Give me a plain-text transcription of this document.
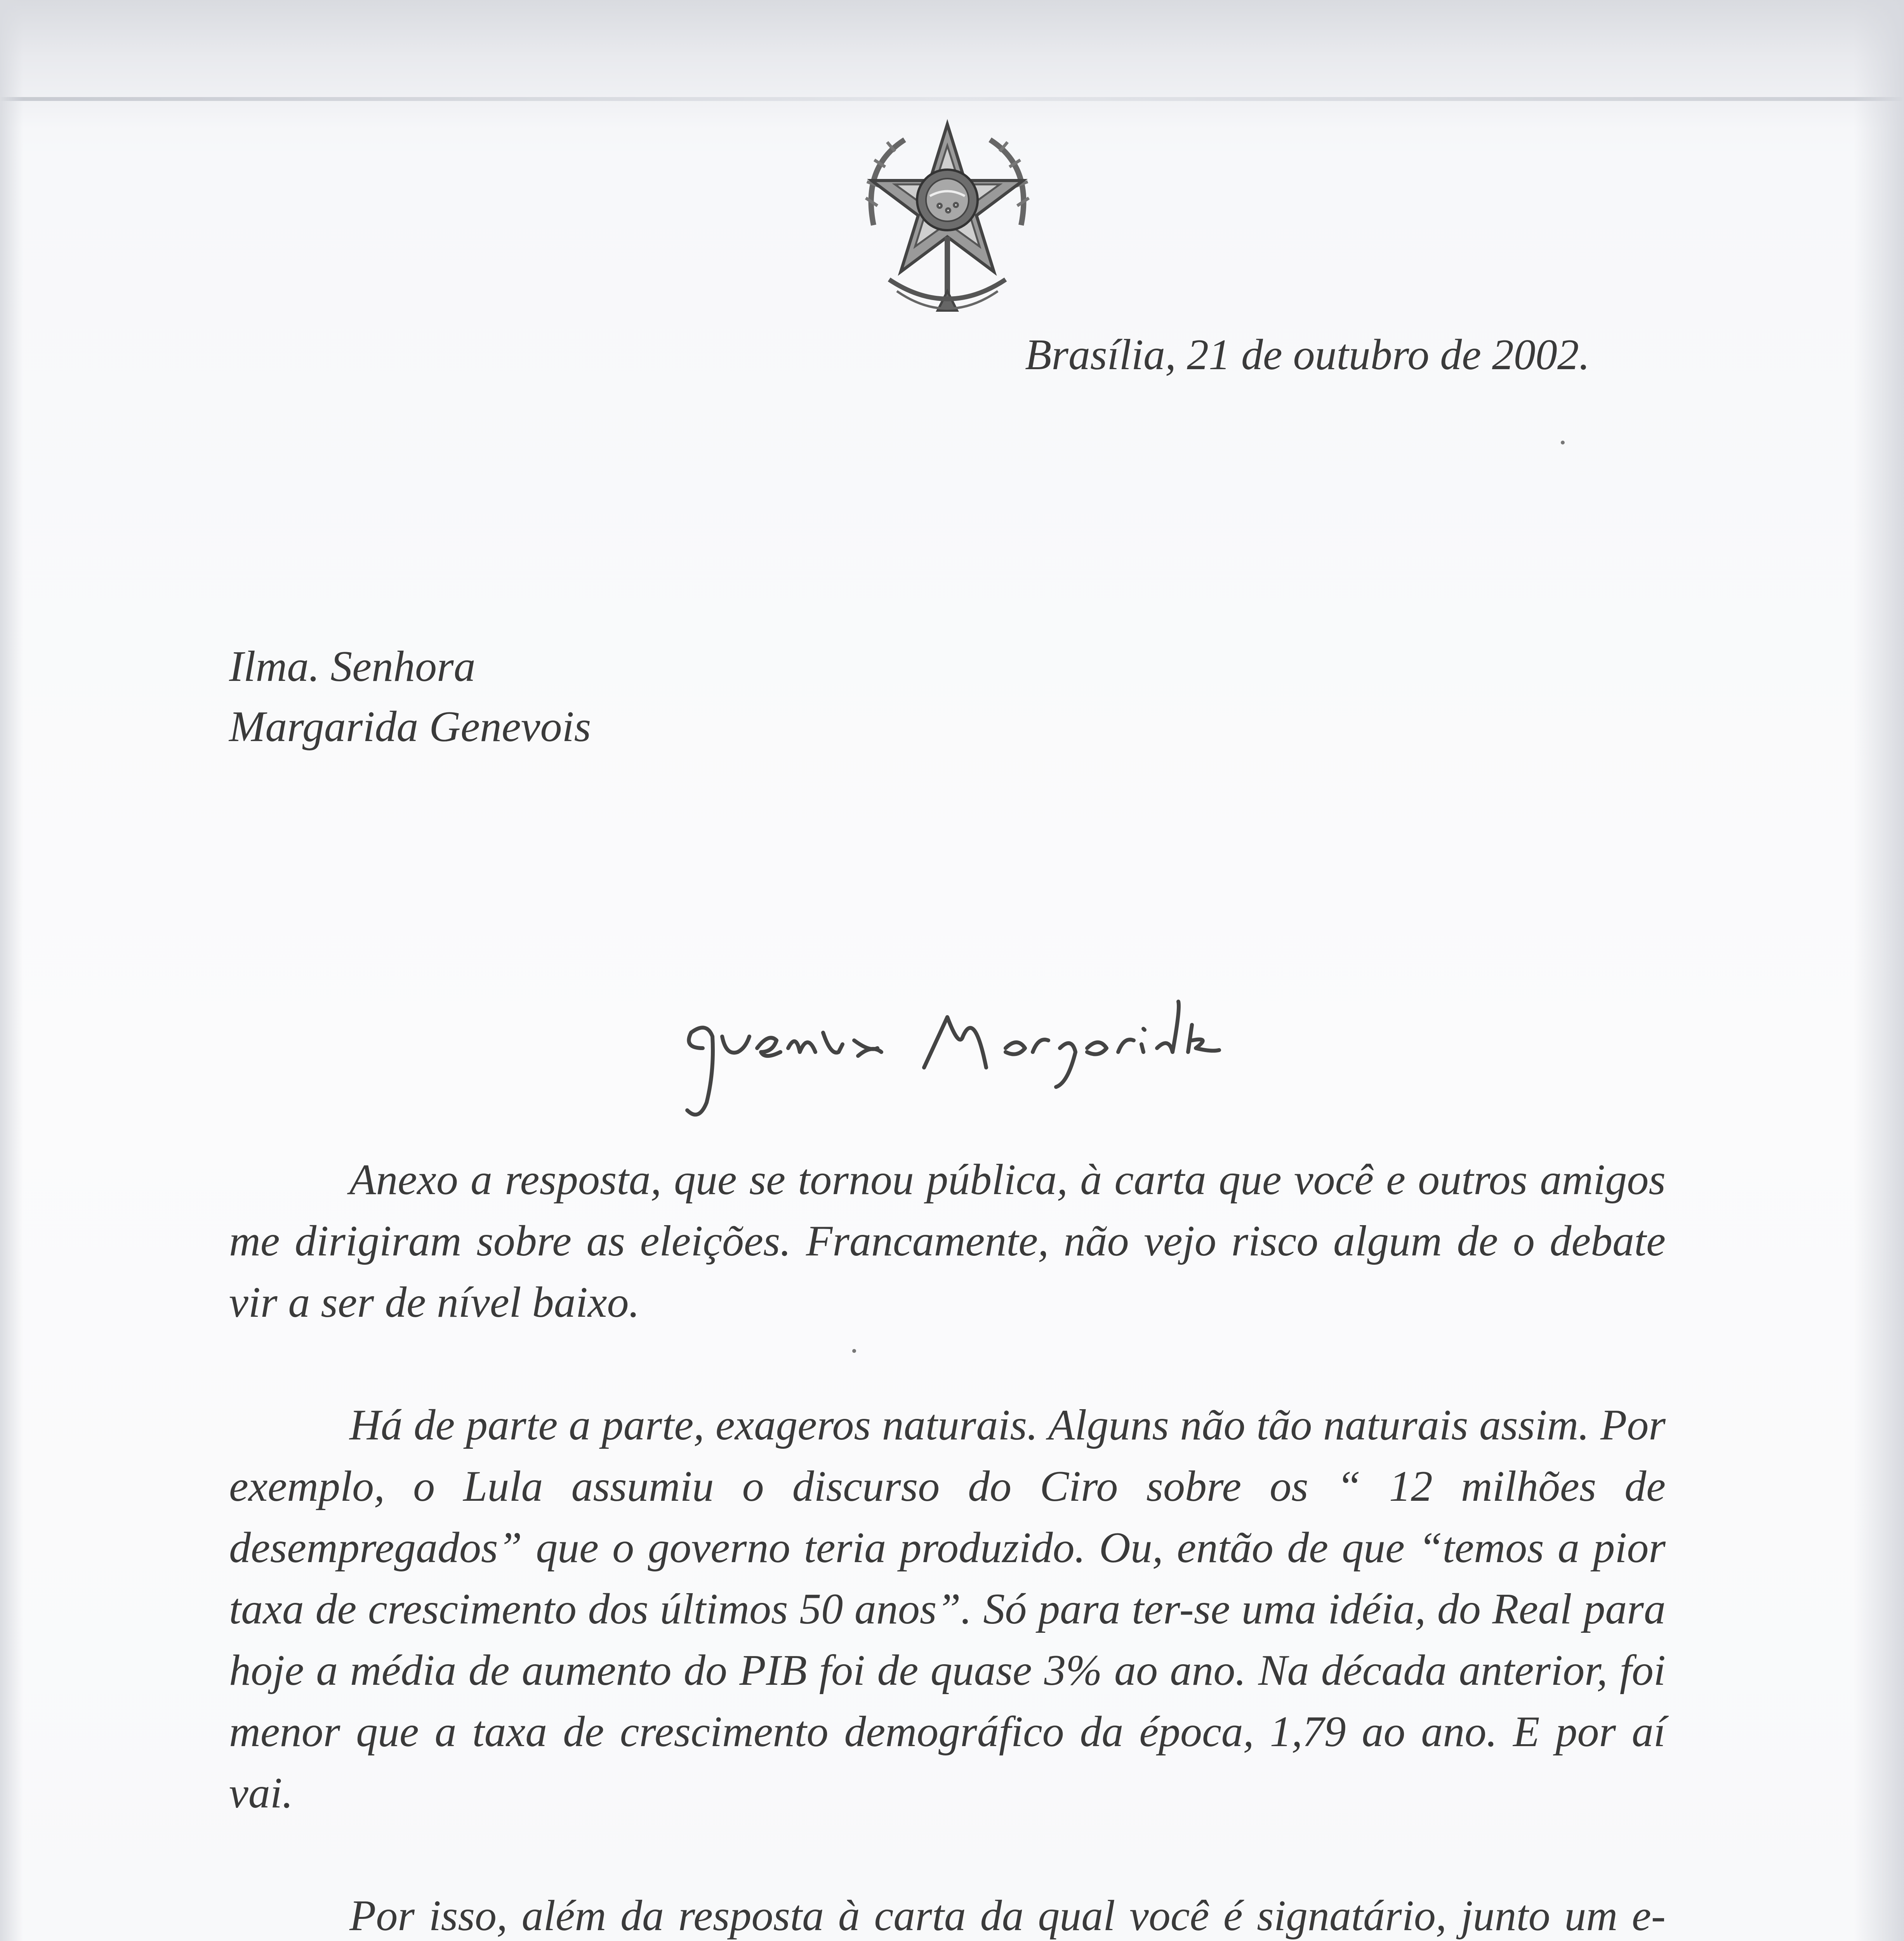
Brasília, 21 de outubro de 2002.
Ilma. Senhora
Margarida Genevois

Anexo a resposta, que se tornou pública, à carta que você e outros amigos me dirigiram sobre as eleições. Francamente, não vejo risco algum de o debate vir a ser de nível baixo.

Há de parte a parte, exageros naturais. Alguns não tão naturais assim. Por exemplo, o Lula assumiu o discurso do Ciro sobre os “ 12 milhões de desempregados” que o governo teria produzido. Ou, então de que “temos a pior taxa de crescimento dos últimos 50 anos”. Só para ter-se uma idéia, do Real para hoje a média de aumento do PIB foi de quase 3% ao ano. Na década anterior, foi menor que a taxa de crescimento demográfico da época, 1,79 ao ano. E por aí vai.

Por isso, além da resposta à carta da qual você é signatário, junto um e-
